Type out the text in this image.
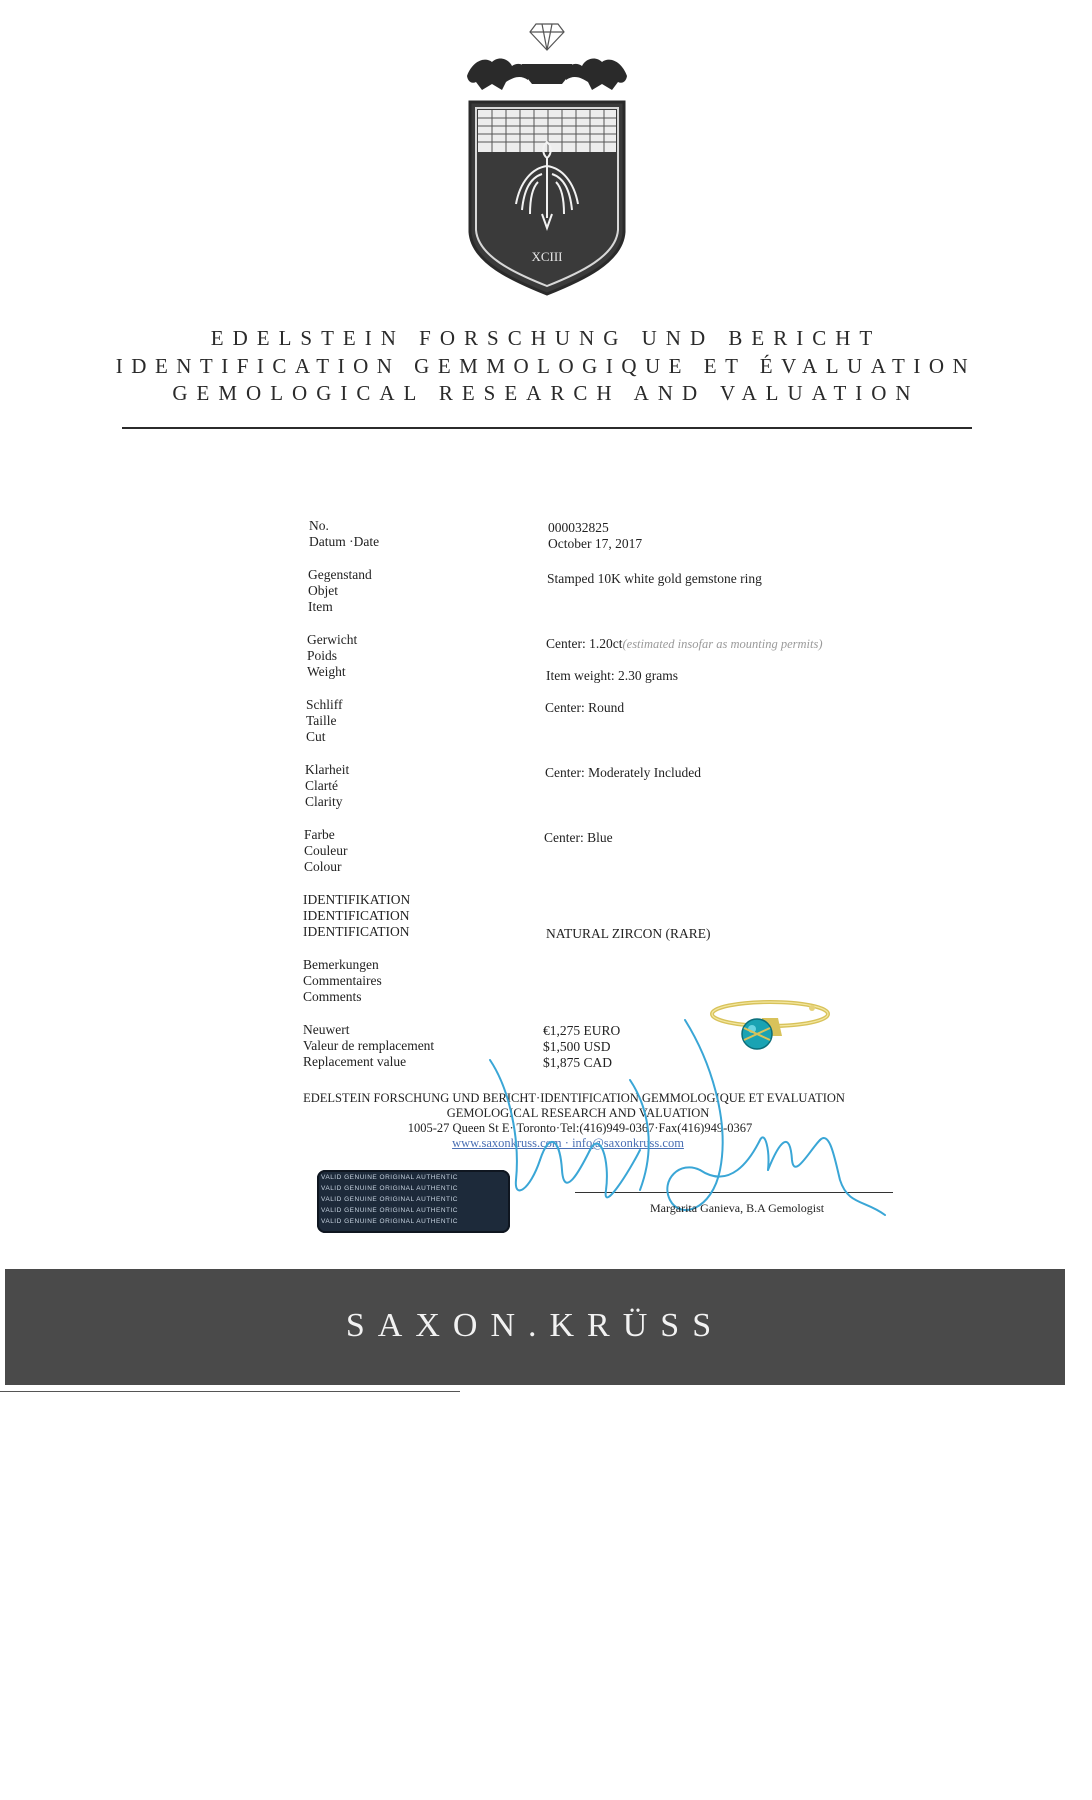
XCIII
EDELSTEIN FORSCHUNG UND BERICHT
IDENTIFICATION GEMMOLOGIQUE ET ÉVALUATION
GEMOLOGICAL RESEARCH AND VALUATION
No.
Datum ·Date
Gegenstand
Objet
Item
Gerwicht
Poids
Weight
Schliff
Taille
Cut
Klarheit
Clarté
Clarity
Farbe
Couleur
Colour
IDENTIFIKATION
IDENTIFICATION
IDENTIFICATION
Bemerkungen
Commentaires
Comments
Neuwert
Valeur de remplacement
Replacement value
000032825
October 17, 2017
Stamped 10K white gold gemstone ring
Center: 1.20ct(estimated insofar as mounting permits)
Item weight: 2.30 grams
Center: Round
Center: Moderately Included
Center: Blue
NATURAL ZIRCON (RARE)
€1,275 EURO
$1,500 USD
$1,875 CAD
EDELSTEIN FORSCHUNG UND BERICHT·IDENTIFICATION GEMMOLOGIQUE ET EVALUATION
GEMOLOGICAL RESEARCH AND VALUATION
1005-27 Queen St E· Toronto·Tel:(416)949-0367·Fax(416)949-0367
www.saxonkruss.com · info@saxonkruss.com
VALID GENUINE ORIGINAL AUTHENTIC
VALID GENUINE ORIGINAL AUTHENTIC
VALID GENUINE ORIGINAL AUTHENTIC
VALID GENUINE ORIGINAL AUTHENTIC
VALID GENUINE ORIGINAL AUTHENTIC
Margarita Ganieva, B.A Gemologist
SAXON.KRÜSS
